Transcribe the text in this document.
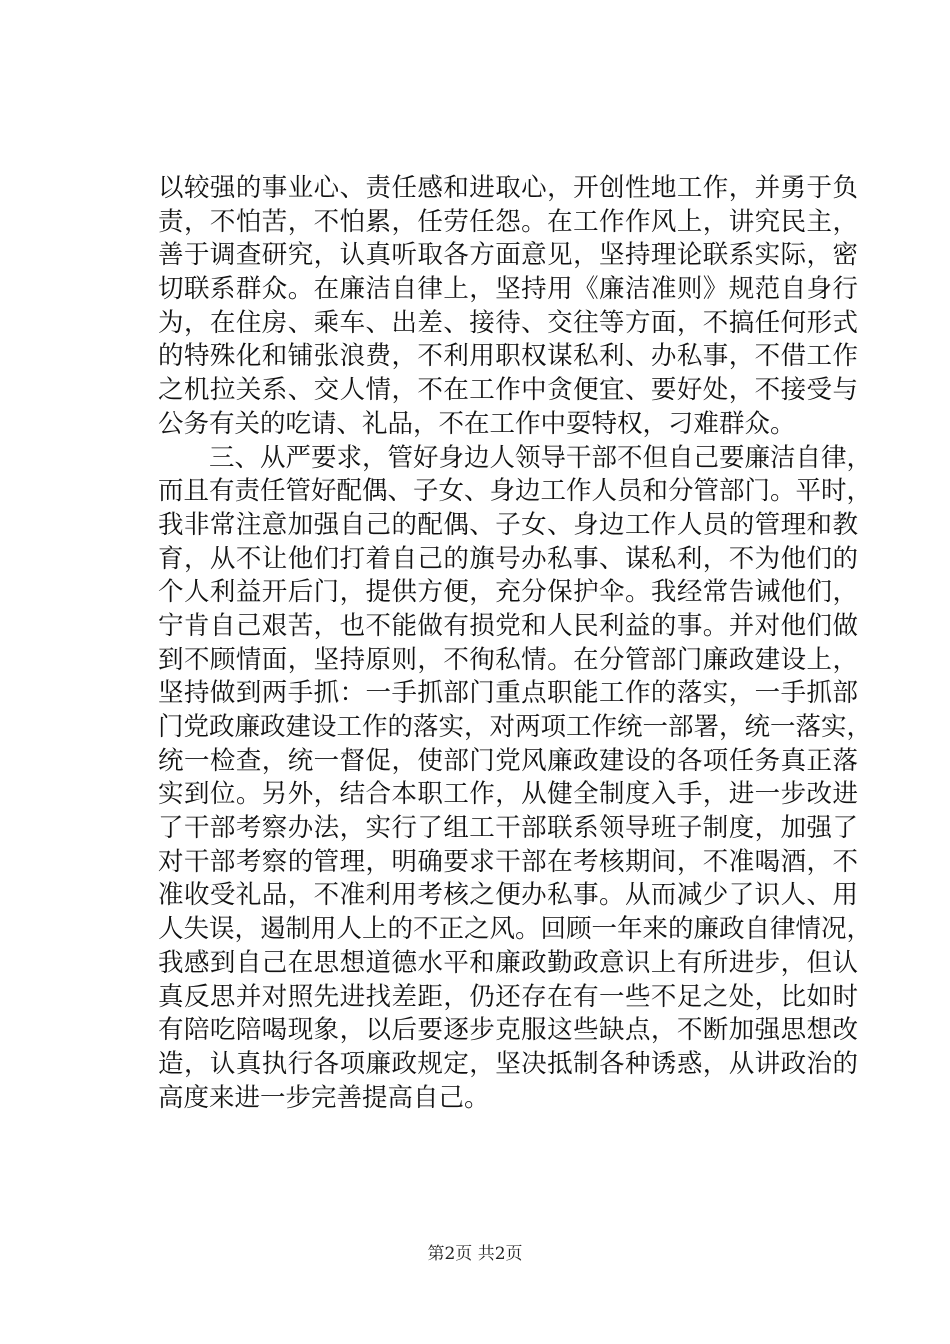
以较强的事业心、责任感和进取心，开创性地工作，并勇于负
责，不怕苦，不怕累，任劳任怨。在工作作风上，讲究民主，
善于调查研究，认真听取各方面意见，坚持理论联系实际，密
切联系群众。在廉洁自律上，坚持用《廉洁准则》规范自身行
为，在住房、乘车、出差、接待、交往等方面，不搞任何形式
的特殊化和铺张浪费，不利用职权谋私利、办私事，不借工作
之机拉关系、交人情，不在工作中贪便宜、要好处，不接受与
公务有关的吃请、礼品，不在工作中耍特权，刁难群众。
　　三、从严要求，管好身边人领导干部不但自己要廉洁自律，
而且有责任管好配偶、子女、身边工作人员和分管部门。平时，
我非常注意加强自己的配偶、子女、身边工作人员的管理和教
育，从不让他们打着自己的旗号办私事、谋私利，不为他们的
个人利益开后门，提供方便，充分保护伞。我经常告诫他们，
宁肯自己艰苦，也不能做有损党和人民利益的事。并对他们做
到不顾情面，坚持原则，不徇私情。在分管部门廉政建设上，
坚持做到两手抓：一手抓部门重点职能工作的落实，一手抓部
门党政廉政建设工作的落实，对两项工作统一部署，统一落实，
统一检查，统一督促，使部门党风廉政建设的各项任务真正落
实到位。另外，结合本职工作，从健全制度入手，进一步改进
了干部考察办法，实行了组工干部联系领导班子制度，加强了
对干部考察的管理，明确要求干部在考核期间，不准喝酒，不
准收受礼品，不准利用考核之便办私事。从而减少了识人、用
人失误，遏制用人上的不正之风。回顾一年来的廉政自律情况，
我感到自己在思想道德水平和廉政勤政意识上有所进步，但认
真反思并对照先进找差距，仍还存在有一些不足之处，比如时
有陪吃陪喝现象，以后要逐步克服这些缺点，不断加强思想改
造，认真执行各项廉政规定，坚决抵制各种诱惑，从讲政治的
高度来进一步完善提高自己。
第2页 共2页
